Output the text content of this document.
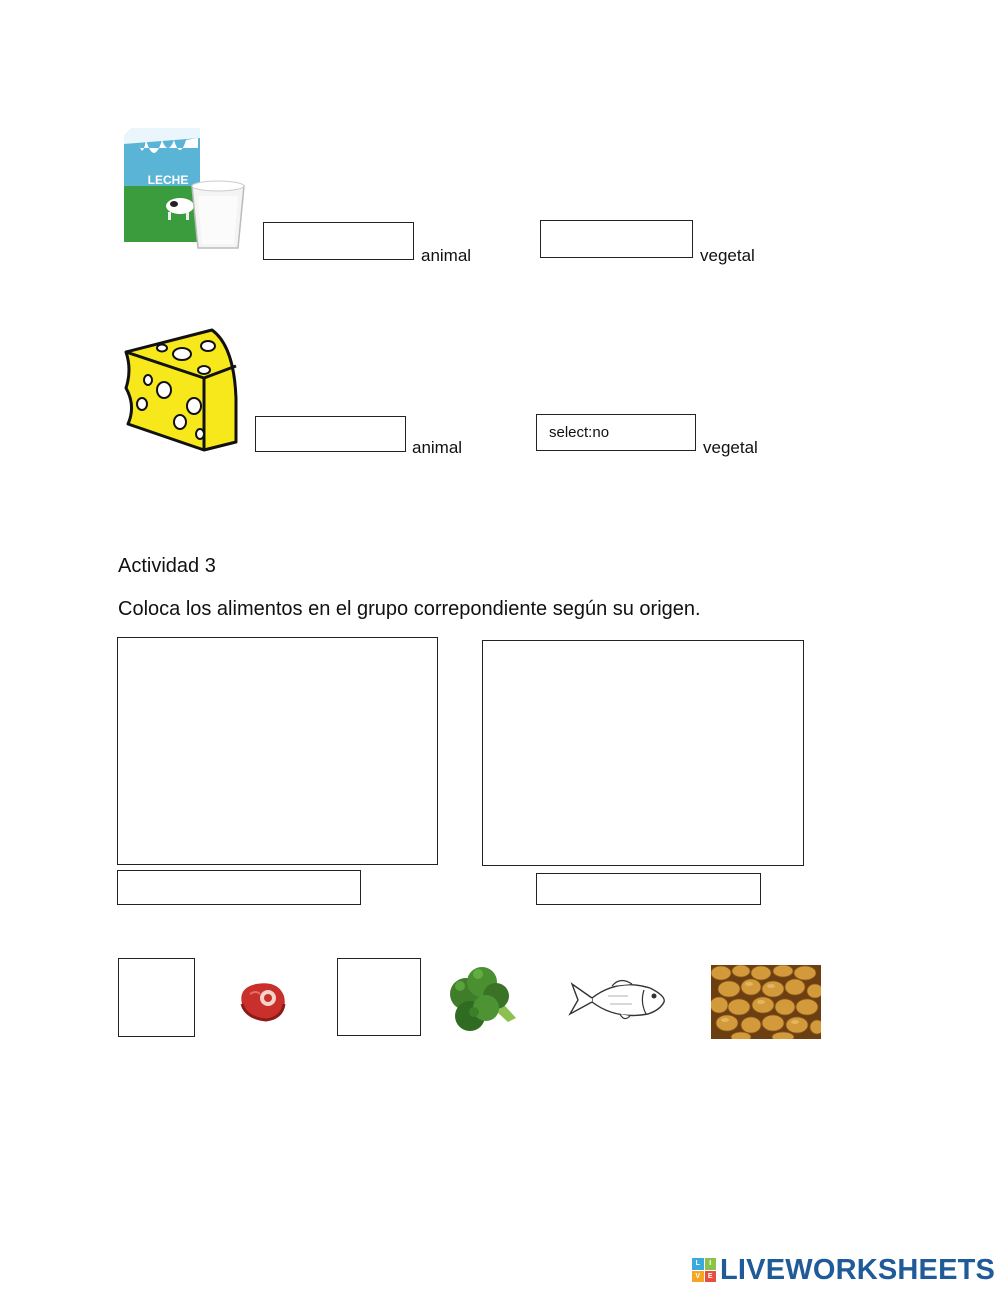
LECHE
animal	vegetal
animal
select:no
vegetal
Actividad 3
Coloca los alimentos en el grupo correpondiente según su origen.
L	I
V	E LIVEWORKSHEETS
